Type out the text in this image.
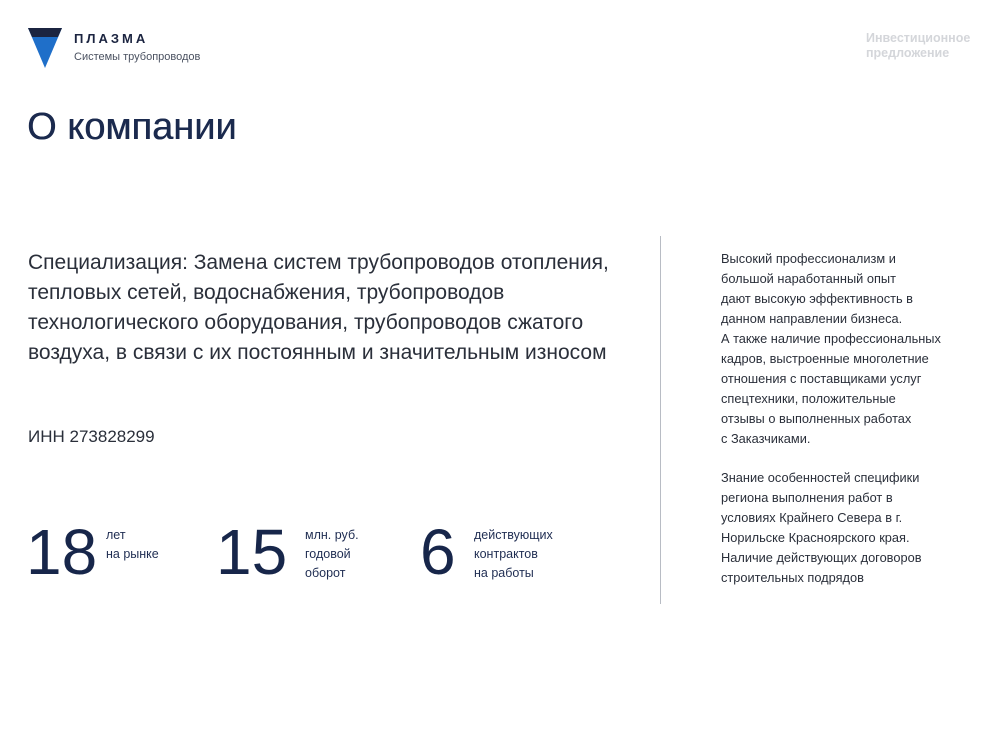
ПЛАЗМА
Системы трубопроводов
Инвестиционное предложение
О компании

Специализация: Замена систем трубопроводов отопления, тепловых сетей, водоснабжения, трубопроводов технологического оборудования, трубопроводов сжатого воздуха, в связи с их постоянным и значительным износом

ИНН 273828299
18 лет
на рынке 15	млн. руб.
годовой
оборот 6	действующих
контрактов
на работы

Высокий профессионализм и
большой наработанный опыт
дают высокую эффективность в
данном направлении бизнеса.
А также наличие профессиональных
кадров, выстроенные многолетние
отношения с поставщиками услуг
спецтехники, положительные
отзывы о выполненных работах
с Заказчиками.

Знание особенностей специфики
региона выполнения работ в
условиях Крайнего Севера в г.
Норильске Красноярского края.
Наличие действующих договоров
строительных подрядов
